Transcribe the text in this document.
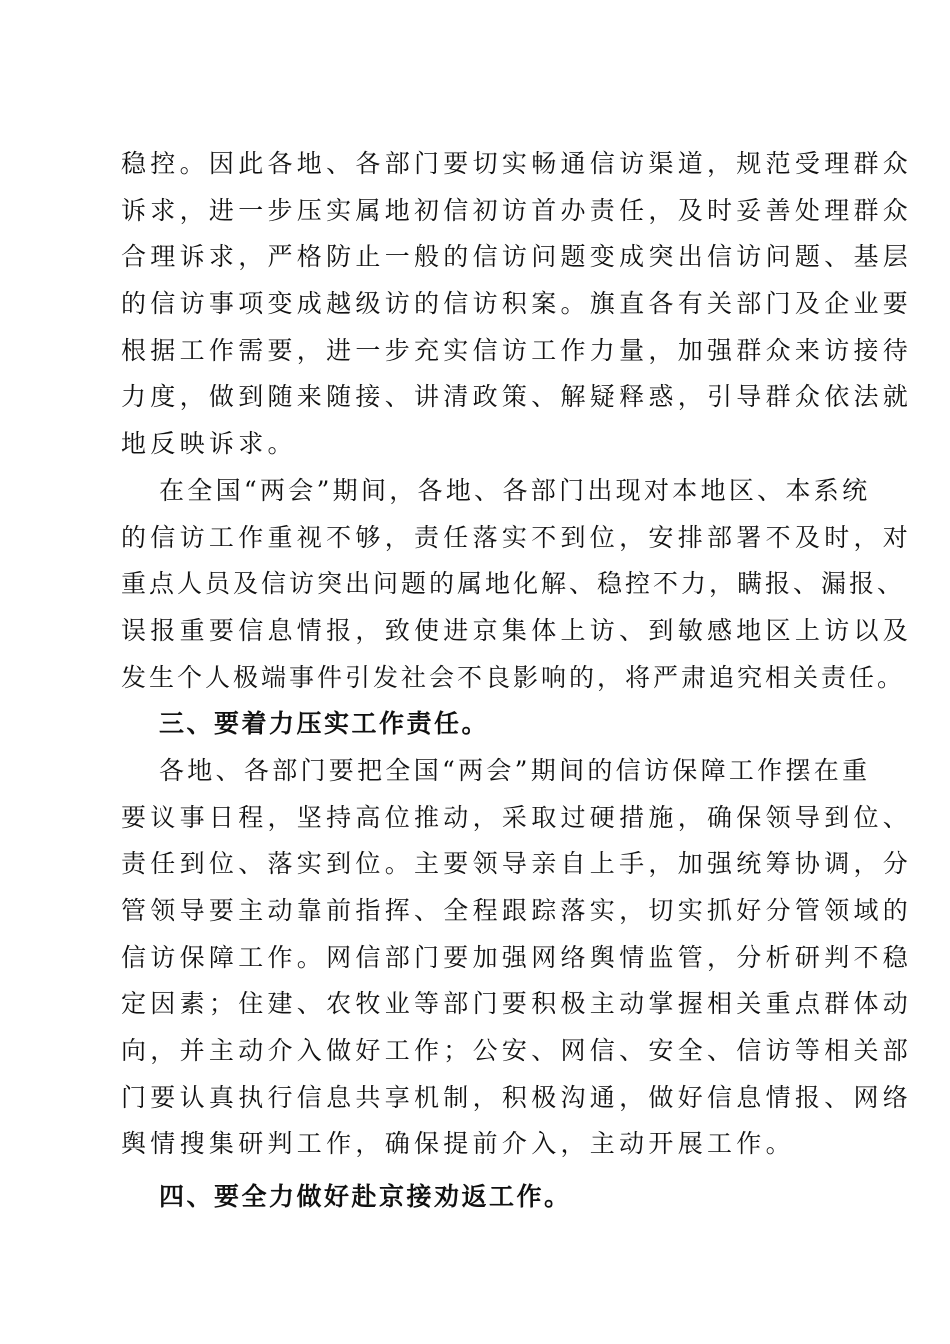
稳控。因此各地、各部门要切实畅通信访渠道，规范受理群众
诉求，进一步压实属地初信初访首办责任，及时妥善处理群众
合理诉求，严格防止一般的信访问题变成突出信访问题、基层
的信访事项变成越级访的信访积案。旗直各有关部门及企业要
根据工作需要，进一步充实信访工作力量，加强群众来访接待
力度，做到随来随接、讲清政策、解疑释惑，引导群众依法就
地反映诉求。
在全国“两会”期间，各地、各部门出现对本地区、本系统
的信访工作重视不够，责任落实不到位，安排部署不及时，对
重点人员及信访突出问题的属地化解、稳控不力，瞒报、漏报、
误报重要信息情报，致使进京集体上访、到敏感地区上访以及
发生个人极端事件引发社会不良影响的，将严肃追究相关责任。
三、要着力压实工作责任。
各地、各部门要把全国“两会”期间的信访保障工作摆在重
要议事日程，坚持高位推动，采取过硬措施，确保领导到位、
责任到位、落实到位。主要领导亲自上手，加强统筹协调，分
管领导要主动靠前指挥、全程跟踪落实，切实抓好分管领域的
信访保障工作。网信部门要加强网络舆情监管，分析研判不稳
定因素；住建、农牧业等部门要积极主动掌握相关重点群体动
向，并主动介入做好工作；公安、网信、安全、信访等相关部
门要认真执行信息共享机制，积极沟通，做好信息情报、网络
舆情搜集研判工作，确保提前介入，主动开展工作。
四、要全力做好赴京接劝返工作。
